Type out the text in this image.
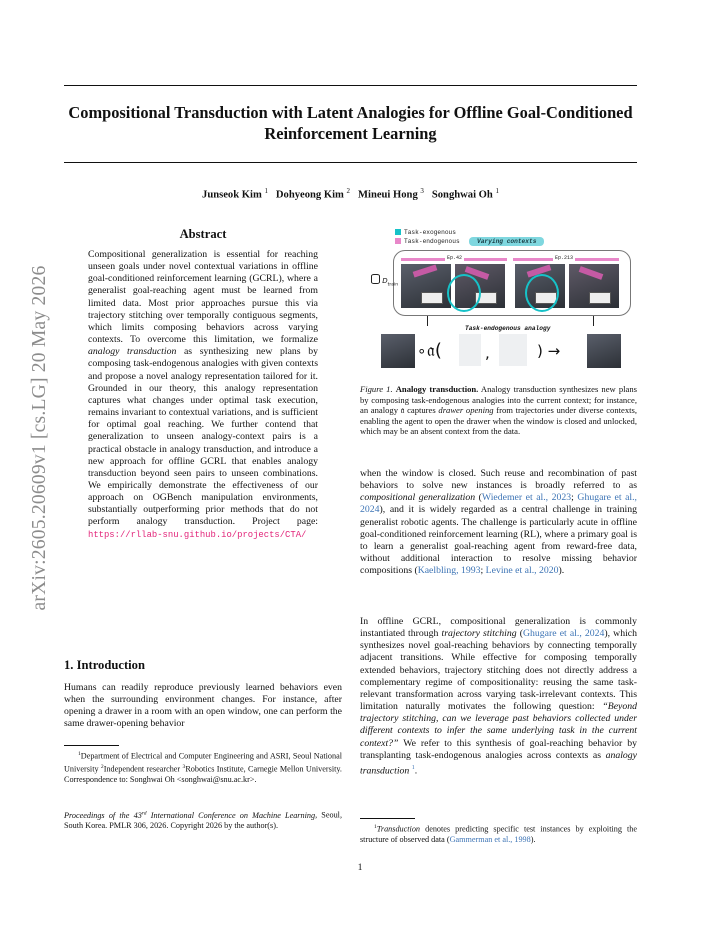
arXiv:2605.20609v1 [cs.LG] 20 May 2026
Compositional Transduction with Latent Analogies for Offline Goal-Conditioned Reinforcement Learning
Junseok Kim $^1$ Dohyeong Kim $^2$ Mineui Hong $^3$ Songhwai Oh $^1$
Abstract
Compositional generalization is essential for reaching unseen goals under novel contextual variations in offline goal-conditioned reinforcement learning (GCRL), where a generalist goal-reaching agent must be learned from limited data. Most prior approaches pursue this via trajectory stitching over temporally contiguous segments, which limits composing behaviors across varying contexts. To overcome this limitation, we formalize analogy transduction as synthesizing new plans by composing task-endogenous analogies with given contexts and propose a novel analogy representation tailored for it. Grounded in our theory, this analogy representation captures what changes under optimal task execution, remains invariant to contextual variations, and is sufficient for optimal goal reaching. We further contend that generalization to unseen analogy-context pairs is a practical obstacle in analogy transduction, and introduce a new approach for offline GCRL that enables analogy transduction beyond seen pairs to unseen combinations. We empirically demonstrate the effectiveness of our approach on OGBench manipulation environments, substantially outperforming prior methods that do not perform analogy transduction. Project page: https://rllab-snu.github.io/projects/CTA/
1. Introduction
Humans can readily reproduce previously learned behaviors even when the surrounding environment changes. For instance, after opening a drawer in a room with an open window, one can perform the same drawer-opening behavior
$^1$Department of Electrical and Computer Engineering and ASRI, Seoul National University $^2$Independent researcher $^3$Robotics Institute, Carnegie Mellon University. Correspondence to: Songhwai Oh <songhwai@snu.ac.kr>.
Proceedings of the 43rd International Conference on Machine Learning, Seoul, South Korea. PMLR 306, 2026. Copyright 2026 by the author(s).
Task-exogenous
Task-endogenous	Varying contexts
$D_{train}$
Ep.42	Ep.213
Task-endogenous analogy
∘ 𝔞(	,	) →
Figure 1. Analogy transduction. Analogy transduction synthesizes new plans by composing task-endogenous analogies into the current context; for instance, an analogy 𝔞 captures drawer opening from trajectories under diverse contexts, enabling the agent to open the drawer when the window is closed and unlocked, which may be an absent context from the data.
when the window is closed. Such reuse and recombination of past behaviors to solve new instances is broadly referred to as compositional generalization (Wiedemer et al., 2023; Ghugare et al., 2024), and it is widely regarded as a central challenge in training generalist robotic agents. The challenge is particularly acute in offline goal-conditioned reinforcement learning (RL), where a primary goal is to learn a generalist goal-reaching agent from reward-free data, without additional interaction to resolve missing behavior compositions (Kaelbling, 1993; Levine et al., 2020).
In offline GCRL, compositional generalization is commonly instantiated through trajectory stitching (Ghugare et al., 2024), which synthesizes novel goal-reaching behaviors by connecting temporally adjacent transitions. While effective for composing temporally extended behaviors, trajectory stitching does not directly address a complementary regime of compositionality: reusing the same task-relevant transformation across varying task-irrelevant contexts. This limitation naturally motivates the following question: “Beyond trajectory stitching, can we leverage past behaviors collected under different contexts to infer the same underlying task in the current context?” We refer to this synthesis of goal-reaching behavior by transplanting task-endogenous analogies across contexts as analogy transduction $^1$.
$^1$Transduction denotes predicting specific test instances by exploiting the structure of observed data (Gammerman et al., 1998).
1
